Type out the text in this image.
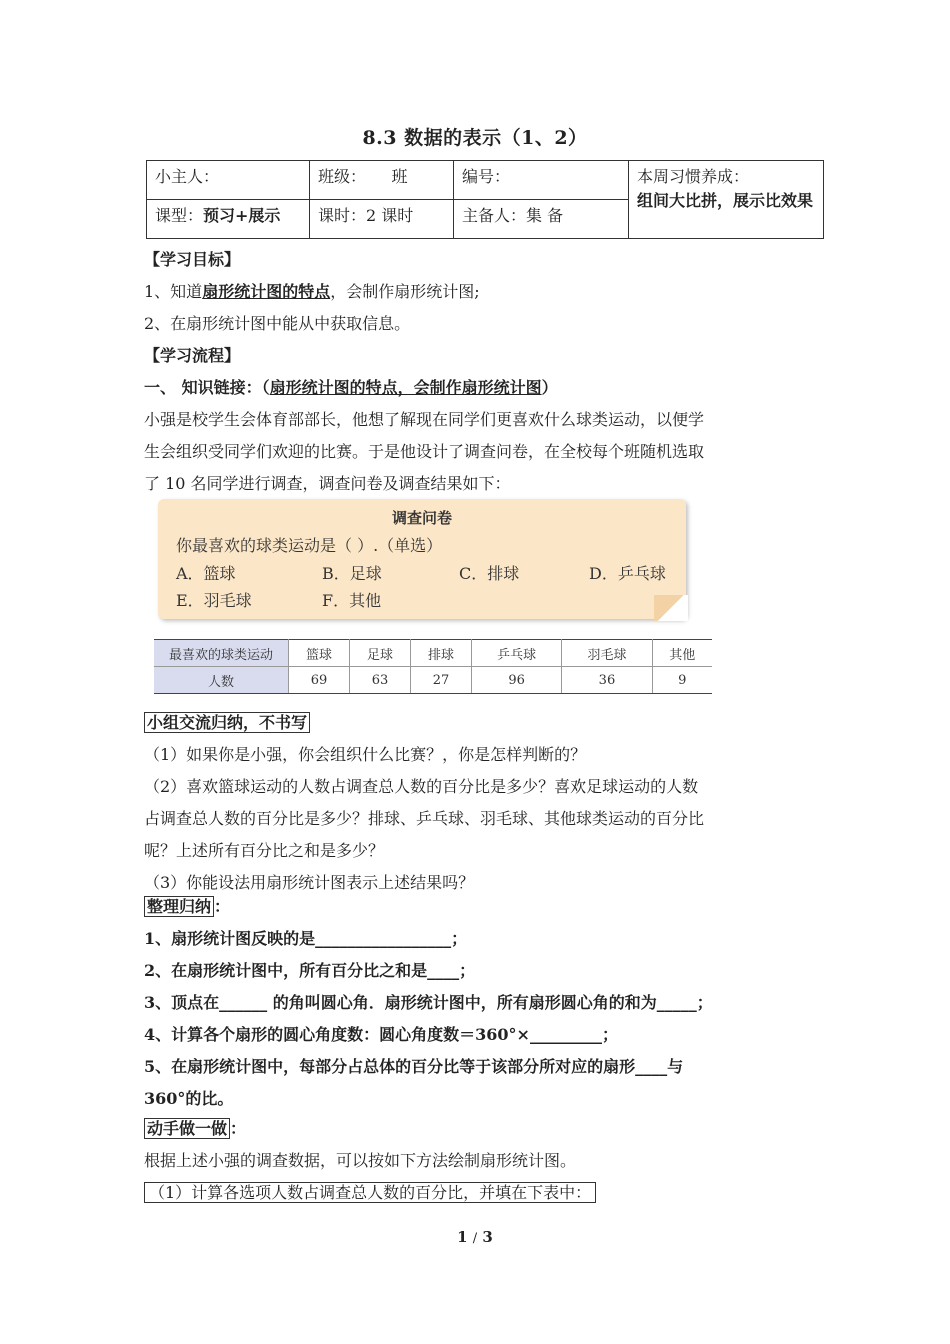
8.3 数据的表示（1、2）
小主人：	班级： 班	编号：	本周习惯养成：
组间大比拼，展示比效果

课型：预习+展示	课时：2 课时	主备人：集 备	
【学习目标】
1、知道扇形统计图的特点，会制作扇形统计图;
2、在扇形统计图中能从中获取信息。
【学习流程】
一、 知识链接：（扇形统计图的特点，会制作扇形统计图）
小强是校学生会体育部部长，他想了解现在同学们更喜欢什么球类运动，以便学
生会组织受同学们欢迎的比赛。于是他设计了调查问卷，在全校每个班随机选取
了 10 名同学进行调查，调查问卷及调查结果如下：
调查问卷
你最喜欢的球类运动是（ ）.（单选）
A．篮球	B．足球	C．排球	D．乒乓球
E．羽毛球	F．其他
最喜欢的球类运动	篮球	足球	排球	乒乓球	羽毛球	其他
人数	69	63	27	96	36	9
小组交流归纳，不书写
（1）如果你是小强，你会组织什么比赛？，你是怎样判断的？
（2）喜欢篮球运动的人数占调查总人数的百分比是多少？喜欢足球运动的人数
占调查总人数的百分比是多少？排球、乒乓球、羽毛球、其他球类运动的百分比
呢？上述所有百分比之和是多少？
（3）你能设法用扇形统计图表示上述结果吗？
整理归纳 ：
1、扇形统计图反映的是_________________；
2、在扇形统计图中，所有百分比之和是____；
3、顶点在______ 的角叫圆心角．扇形统计图中，所有扇形圆心角的和为_____；
4、计算各个扇形的圆心角度数：圆心角度数＝360°×_________；
5、在扇形统计图中，每部分占总体的百分比等于该部分所对应的扇形____与
360°的比。
动手做一做 ：
根据上述小强的调查数据，可以按如下方法绘制扇形统计图。
（1）计算各选项人数占调查总人数的百分比，并填在下表中：
1 / 3
